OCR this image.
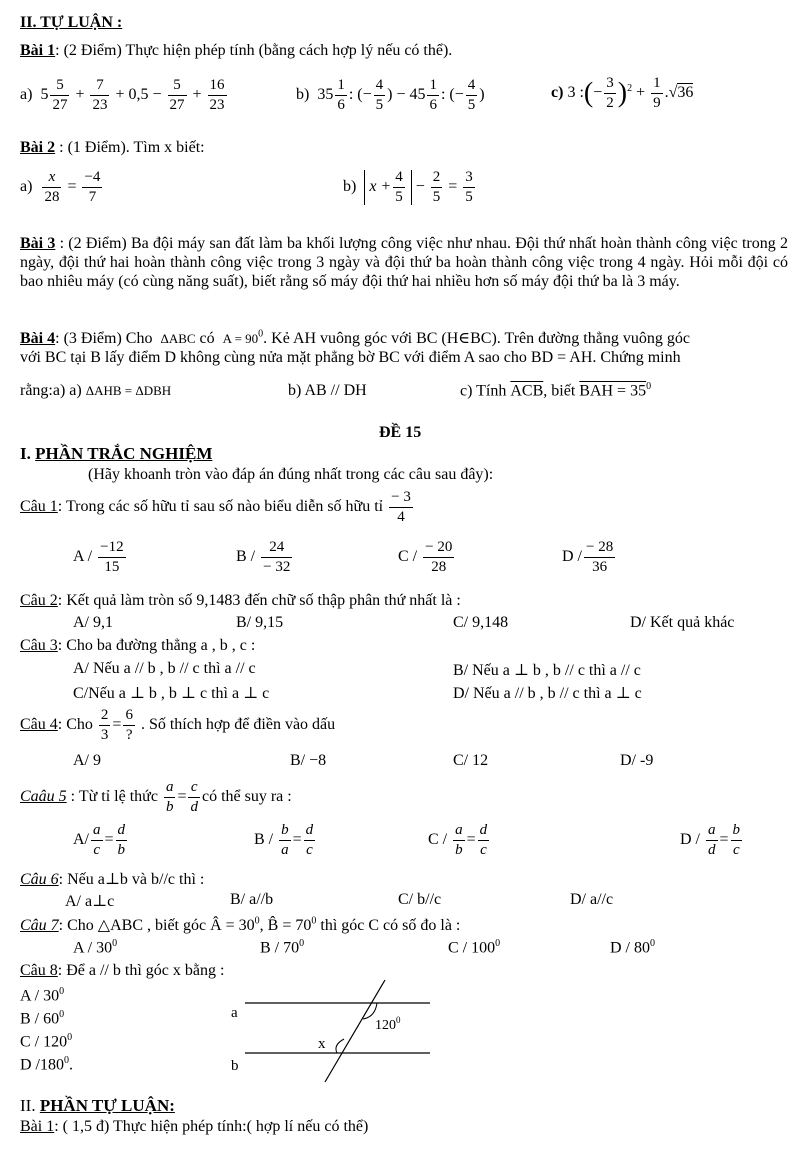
II. TỰ LUẬN :
Bài 1: (2 Điểm) Thực hiện phép tính (bằng cách hợp lý nếu có thể).
a) $5 \frac{5}{27} + \frac{7}{23} + 0,5 - \frac{5}{27} + \frac{16}{23}$	b) $35 \frac{1}{6}$ : (− $\frac{4}{5}$ ) − $45 \frac{1}{6}$ : (− $\frac{4}{5}$ )	c) 3 :(− $\frac{3}{2} )^2 + \frac{1}{9} .√36$
Bài 2 : (1 Điểm). Tìm x biết:
$a) \frac{x}{28} = \frac{-4}{7}$	b) $x + \frac{4}{5} - \frac{2}{5} = \frac{3}{5}$

Bài 3 : (2 Điểm) Ba đội máy san đất làm ba khối lượng công việc như nhau. Đội thứ nhất hoàn thành công việc trong 2 ngày, đội thứ hai hoàn thành công việc trong 3 ngày và đội thứ ba hoàn thành công việc trong 4 ngày. Hỏi mỗi đội có bao nhiêu máy (có cùng năng suất), biết rằng số máy đội thứ hai nhiều hơn số máy đội thứ ba là 3 máy.

Bài 4: (3 Điểm) Cho ΔABC có $A = 90^0$. Kẻ AH vuông góc với BC (H∈BC). Trên đường thẳng vuông góc
với BC tại B lấy điểm D không cùng nửa mặt phẳng bờ BC với điểm A sao cho BD = AH. Chứng minh
rằng:a) a) ΔAHB = ΔDBH	b) AB // DH	c) Tính $\overline{ACB}$, biết BAH = $35^0$
ĐỀ 15
I. PHẦN TRẮC NGHIỆM
(Hãy khoanh tròn vào đáp án đúng nhất trong các câu sau đây):
Câu 1: Trong các số hữu tỉ sau số nào biểu diễn số hữu tỉ $\frac{- 3}{4}$
A / $\frac{-12}{15}$	B / $\frac{24}{- 32}$	C / $\frac{- 20}{28}$	D / $\frac{- 28}{36}$
Câu 2: Kết quả làm tròn số 9,1483 đến chữ số thập phân thứ nhất là :
A/ 9,1	B/ 9,15	C/ 9,148	D/ Kết quả khác
Câu 3: Cho ba đường thẳng a , b , c :
A/ Nếu a // b , b // c thì a // c	B/ Nếu a ⊥ b , b // c thì a // c
C/Nếu a ⊥ b , b ⊥ c thì a ⊥ c	D/ Nếu a // b , b // c thì a ⊥ c
Câu 4: Cho $\frac{2}{3}$ =
6
?
. Số thích hợp để điền vào dấu
A/ 9	B/ −8	C/ 12	D/ -9
Caâu 5 : Từ tỉ lệ thức $\frac{a}{b} = \frac{c}{d}$ có thể suy ra :
$A/ \frac{a}{c} = \frac{d}{b}$	$B / \frac{b}{a} = \frac{d}{c}$	$C / \frac{a}{b} = \frac{d}{c}$	$D / \frac{a}{d} = \frac{b}{c}$
Câu 6: Nếu a⊥b và b//c thì :
A/ a⊥c	B/ a//b	C/ b//c	D/ a//c
Câu 7: Cho △ABC , biết góc Â = $30^0$, B̂ = $70^0$ thì góc C có số đo là :
A / $30^0$	B / $70^0$	C / $100^0$	D / $80^0$
Câu 8: Để a // b thì góc x bằng :
A / $30^0$
B / $60^0$
C / $120^0$
D $/180^0$.
a
b
$120^0$
x
II. PHẦN TỰ LUẬN:
Bài 1: ( 1,5 đ) Thực hiện phép tính:( hợp lí nếu có thể)
